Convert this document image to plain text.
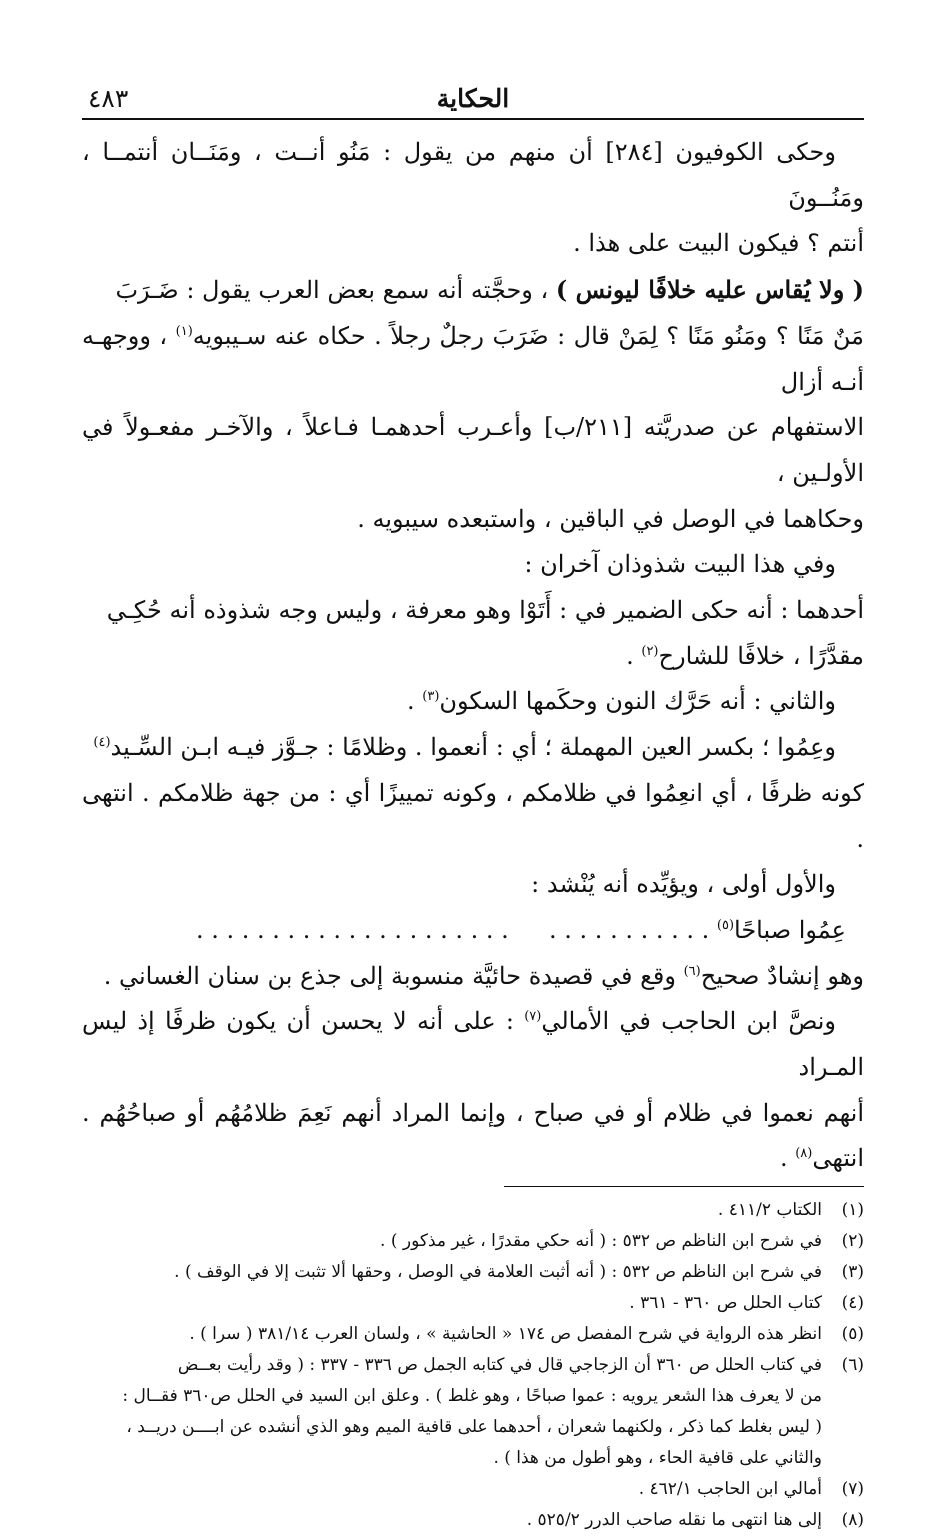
الحكاية
٤٨٣

وحكى الكوفيون [٢٨٤] أن منهم من يقول : مَنُو أنــت ، ومَنَــان أنتمــا ، ومَنُــونَ

أنتم ؟ فيكون البيت على هذا .

( ولا يُقاس عليه خلافًا ليونس ) ، وحجَّته أنه سمع بعض العرب يقول : ضَـرَبَ

مَنٌ مَنًا ؟ ومَنُو مَنًا ؟ لِمَنْ قال : ضَرَبَ رجلٌ رجلاً . حكاه عنه سـيبويه$^{(١)}$ ، ووجهـه أنـه أزال

الاستفهام عن صدريَّته [٢١١/ب] وأعـرب أحدهمـا فـاعلاً ، والآخـر مفعـولاً في الأولـين ،

وحكاهما في الوصل في الباقين ، واستبعده سيبويه .

وفي هذا البيت شذوذان آخران :

أحدهما : أنه حكى الضمير في : أَتَوْا وهو معرفة ، وليس وجه شذوذه أنه حُكِـي

مقدَّرًا ، خلافًا للشارح$^{(٢)}$ .

والثاني : أنه حَرَّك النون وحكَمها السكون$^{(٣)}$ .

وعِمُوا ؛ بكسر العين المهملة ؛ أي : أنعموا . وظلامًا : جـوَّز فيـه ابـن السِّـيد$^{(٤)}$

كونه ظرفًا ، أي انعِمُوا في ظلامكم ، وكونه تمييزًا أي : من جهة ظلامكم . انتهى .

والأول أولى ، ويؤيِّده أنه يُنْشد :

عِمُوا صباحًا$^{(٥)}$ . . . . . . . . . . .
. . . . . . . . . . . . . . . . . . . . .

وهو إنشادٌ صحيح$^{(٦)}$ وقع في قصيدة حائيَّة منسوبة إلى جذع بن سنان الغساني .

ونصَّ ابن الحاجب في الأمالي$^{(٧)}$ : على أنه لا يحسن أن يكون ظرفًا إذ ليس المـراد

أنهم نعموا في ظلام أو في صباح ، وإنما المراد أنهم نَعِمَ ظلامُهُم أو صباحُهُم . انتهى$^{(٨)}$ .

(١)
الكتاب ٤١١/٢ .
(٢)
في شرح ابن الناظم ص ٥٣٢ : ( أنه حكي مقدرًا ، غير مذكور ) .
(٣)
في شرح ابن الناظم ص ٥٣٢ : ( أنه أثبت العلامة في الوصل ، وحقها ألا تثبت إلا في الوقف ) .
(٤)
كتاب الحلل ص ٣٦٠ - ٣٦١ .
(٥)
انظر هذه الرواية في شرح المفصل ص ١٧٤ « الحاشية » ، ولسان العرب ٣٨١/١٤ ( سرا ) .
(٦)
في كتاب الحلل ص ٣٦٠ أن الزجاجي قال في كتابه الجمل ص ٣٣٦ - ٣٣٧ : ( وقد رأيت بعــض
من لا يعرف هذا الشعر يرويه : عموا صباحًا ، وهو غلط ) . وعلق ابن السيد في الحلل ص٣٦٠ فقــال :
( ليس بغلط كما ذكر ، ولكنهما شعران ، أحدهما على قافية الميم وهو الذي أنشده عن ابــــن دريــد ،
والثاني على قافية الحاء ، وهو أطول من هذا ) .
(٧)
أمالي ابن الحاجب ٤٦٢/١ .
(٨)
إلى هنا انتهى ما نقله صاحب الدرر ٥٢٥/٢ .
